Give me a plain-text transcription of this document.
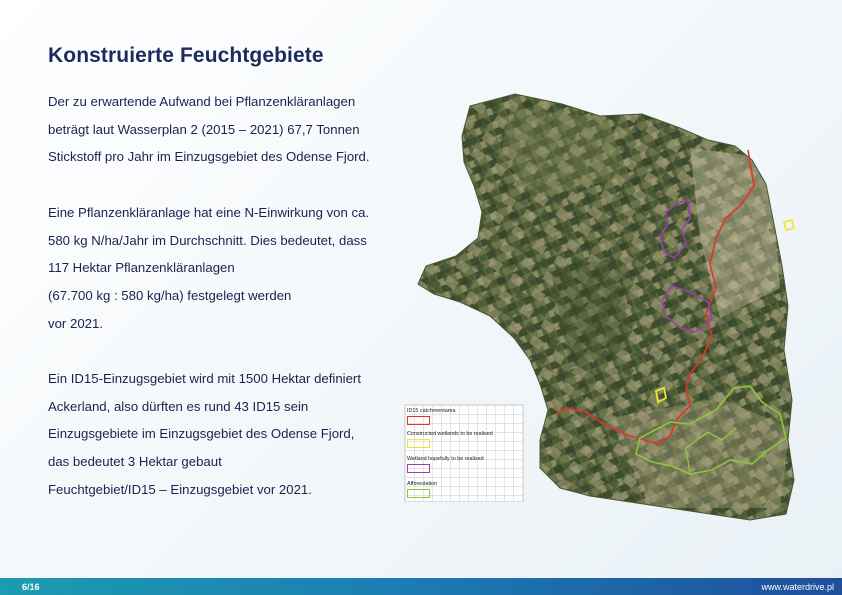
Konstruierte Feuchtgebiete

Der zu erwartende Aufwand bei Pflanzenkläranlagen
beträgt laut Wasserplan 2 (2015 – 2021) 67,7 Tonnen
Stickstoff pro Jahr im Einzugsgebiet des Odense Fjord.

Eine Pflanzenkläranlage hat eine N-Einwirkung von ca.
580 kg N/ha/Jahr im Durchschnitt. Dies bedeutet, dass
117 Hektar Pflanzenkläranlagen
(67.700 kg : 580 kg/ha) festgelegt werden
vor 2021.

Ein ID15-Einzugsgebiet wird mit 1500 Hektar definiert
Ackerland, also dürften es rund 43 ID15 sein
Einzugsgebiete im Einzugsgebiet des Odense Fjord,
das bedeutet 3 Hektar gebaut
Feuchtgebiet/ID15 – Einzugsgebiet vor 2021.

ID15 catchmentarea
Constructed wetlands to be realised
Wetland hopefully to be realised
Afforestation
6/16	www.waterdrive.pl
